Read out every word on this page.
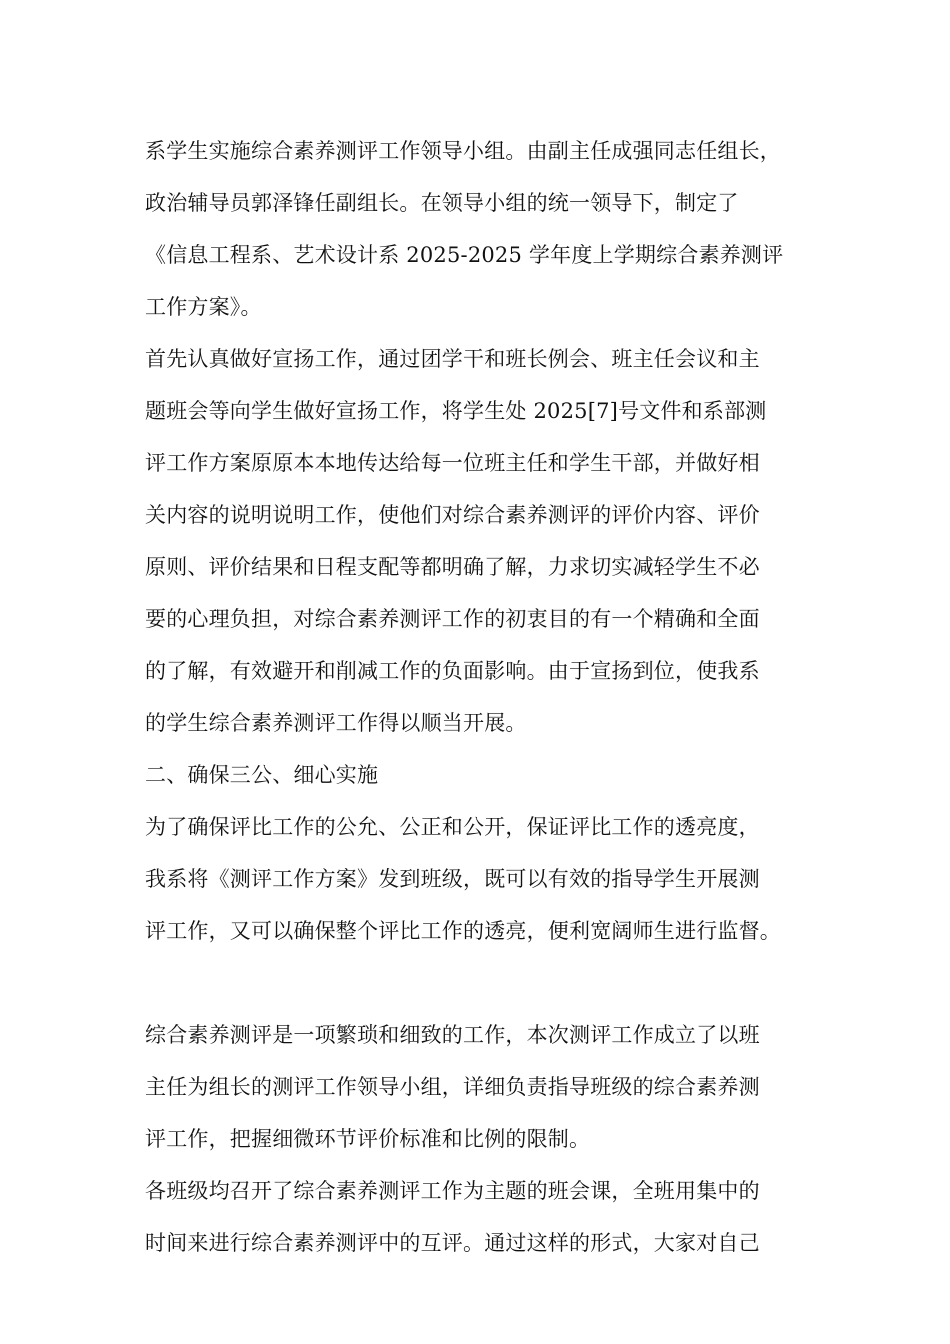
系学生实施综合素养测评工作领导小组。由副主任成强同志任组长，
政治辅导员郭泽锋任副组长。在领导小组的统一领导下，制定了
《信息工程系、艺术设计系 2025-2025 学年度上学期综合素养测评
工作方案》。
首先认真做好宣扬工作，通过团学干和班长例会、班主任会议和主
题班会等向学生做好宣扬工作，将学生处 2025[7]号文件和系部测
评工作方案原原本本地传达给每一位班主任和学生干部，并做好相
关内容的说明说明工作，使他们对综合素养测评的评价内容、评价
原则、评价结果和日程支配等都明确了解，力求切实减轻学生不必
要的心理负担，对综合素养测评工作的初衷目的有一个精确和全面
的了解，有效避开和削减工作的负面影响。由于宣扬到位，使我系
的学生综合素养测评工作得以顺当开展。
二、确保三公、细心实施
为了确保评比工作的公允、公正和公开，保证评比工作的透亮度，
我系将《测评工作方案》发到班级，既可以有效的指导学生开展测
评工作，又可以确保整个评比工作的透亮，便利宽阔师生进行监督。
综合素养测评是一项繁琐和细致的工作，本次测评工作成立了以班
主任为组长的测评工作领导小组，详细负责指导班级的综合素养测
评工作，把握细微环节评价标准和比例的限制。
各班级均召开了综合素养测评工作为主题的班会课，全班用集中的
时间来进行综合素养测评中的互评。通过这样的形式，大家对自己
